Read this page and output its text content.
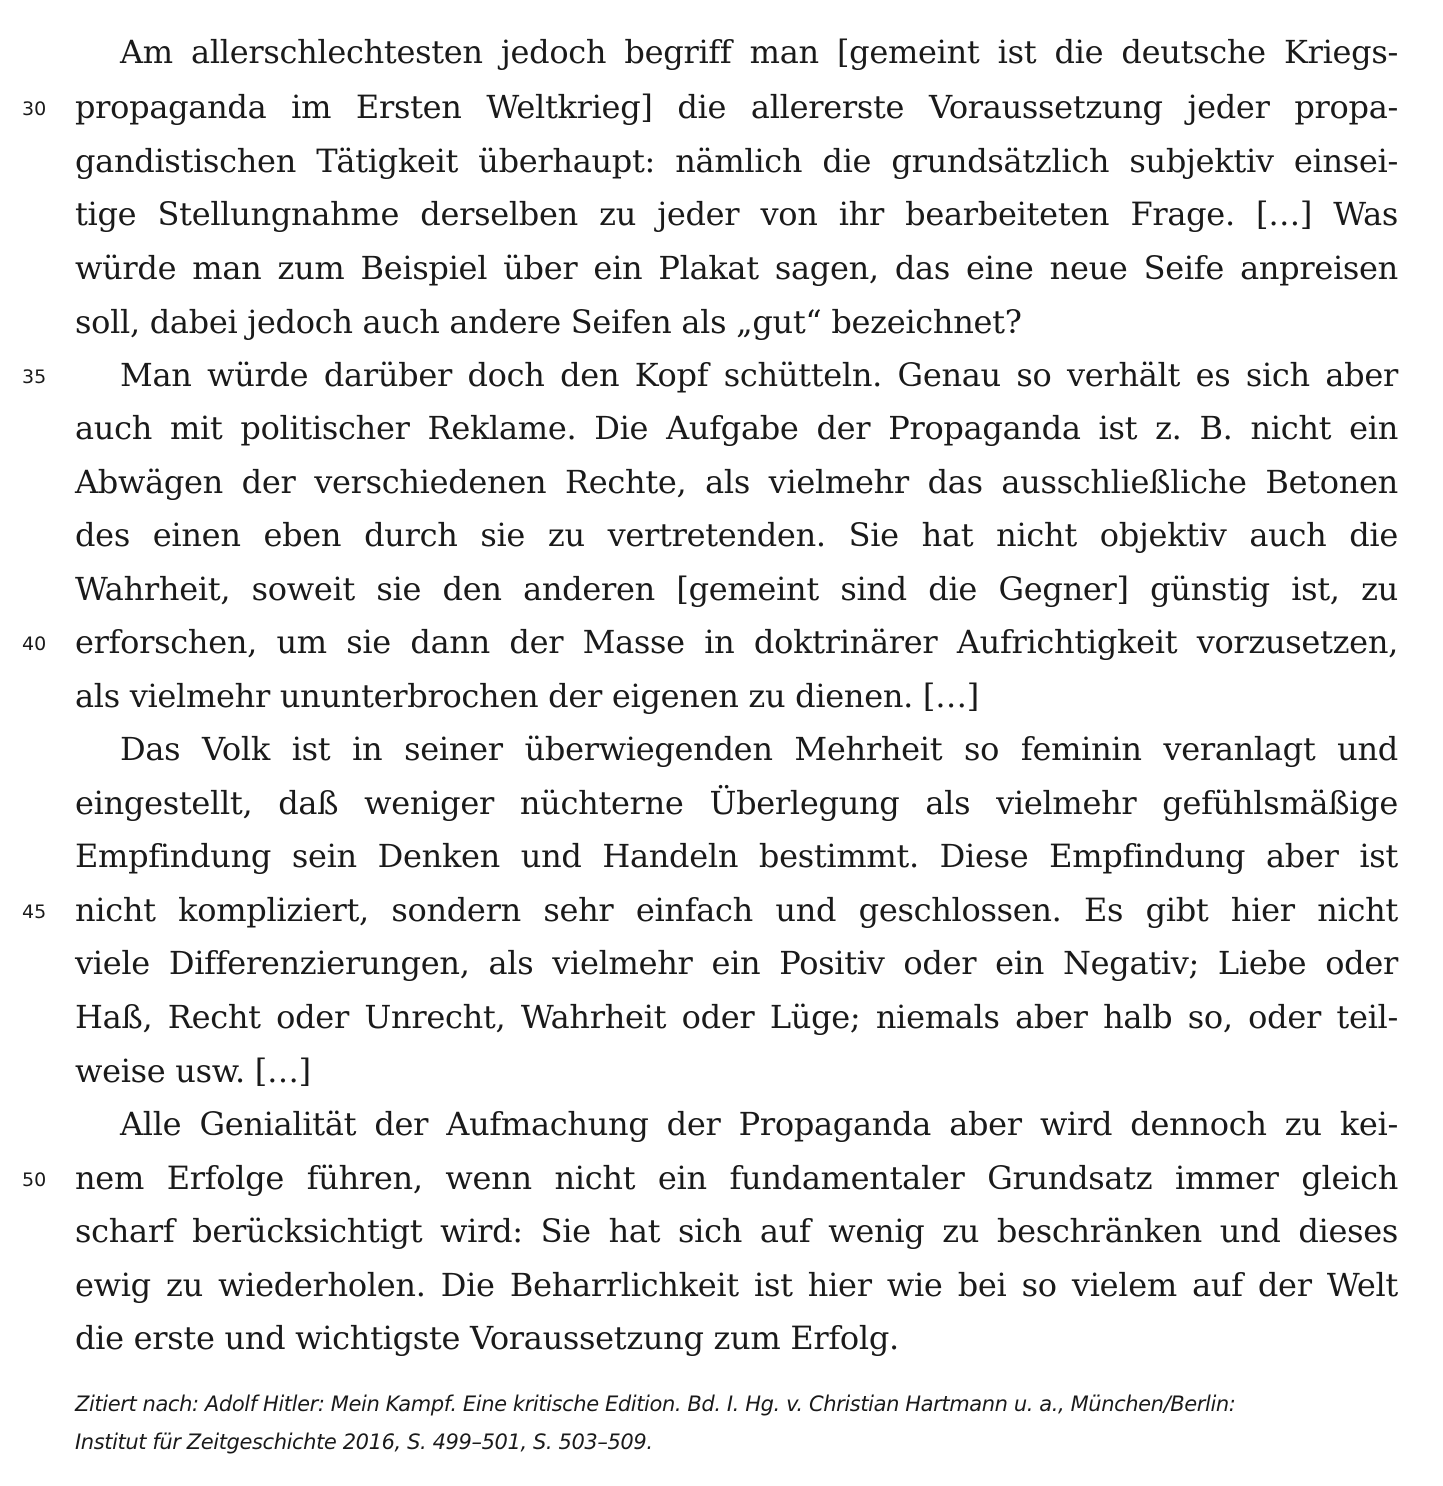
Am allerschlechtesten jedoch begriff man [gemeint ist die deutsche Kriegs-
propaganda im Ersten Weltkrieg] die allererste Voraussetzung jeder propa-
gandistischen Tätigkeit überhaupt: nämlich die grundsätzlich subjektiv einsei-
tige Stellungnahme derselben zu jeder von ihr bearbeiteten Frage. […] Was
würde man zum Beispiel über ein Plakat sagen, das eine neue Seife anpreisen
soll, dabei jedoch auch andere Seifen als „gut“ bezeichnet?
Man würde darüber doch den Kopf schütteln. Genau so verhält es sich aber
auch mit politischer Reklame. Die Aufgabe der Propaganda ist z. B. nicht ein
Abwägen der verschiedenen Rechte, als vielmehr das ausschließliche Betonen
des einen eben durch sie zu vertretenden. Sie hat nicht objektiv auch die
Wahrheit, soweit sie den anderen [gemeint sind die Gegner] günstig ist, zu
erforschen, um sie dann der Masse in doktrinärer Aufrichtigkeit vorzusetzen,
als vielmehr ununterbrochen der eigenen zu dienen. […]
Das Volk ist in seiner überwiegenden Mehrheit so feminin veranlagt und
eingestellt, daß weniger nüchterne Überlegung als vielmehr gefühlsmäßige
Empfindung sein Denken und Handeln bestimmt. Diese Empfindung aber ist
nicht kompliziert, sondern sehr einfach und geschlossen. Es gibt hier nicht
viele Differenzierungen, als vielmehr ein Positiv oder ein Negativ; Liebe oder
Haß, Recht oder Unrecht, Wahrheit oder Lüge; niemals aber halb so, oder teil-
weise usw. […]
Alle Genialität der Aufmachung der Propaganda aber wird dennoch zu kei-
nem Erfolge führen, wenn nicht ein fundamentaler Grundsatz immer gleich
scharf berücksichtigt wird: Sie hat sich auf wenig zu beschränken und dieses
ewig zu wiederholen. Die Beharrlichkeit ist hier wie bei so vielem auf der Welt
die erste und wichtigste Voraussetzung zum Erfolg.
30
35
40
45
50
Zitiert nach: Adolf Hitler: Mein Kampf. Eine kritische Edition. Bd. I. Hg. v. Christian Hartmann u. a., München/Berlin:
Institut für Zeitgeschichte 2016, S. 499–501, S. 503–509.
